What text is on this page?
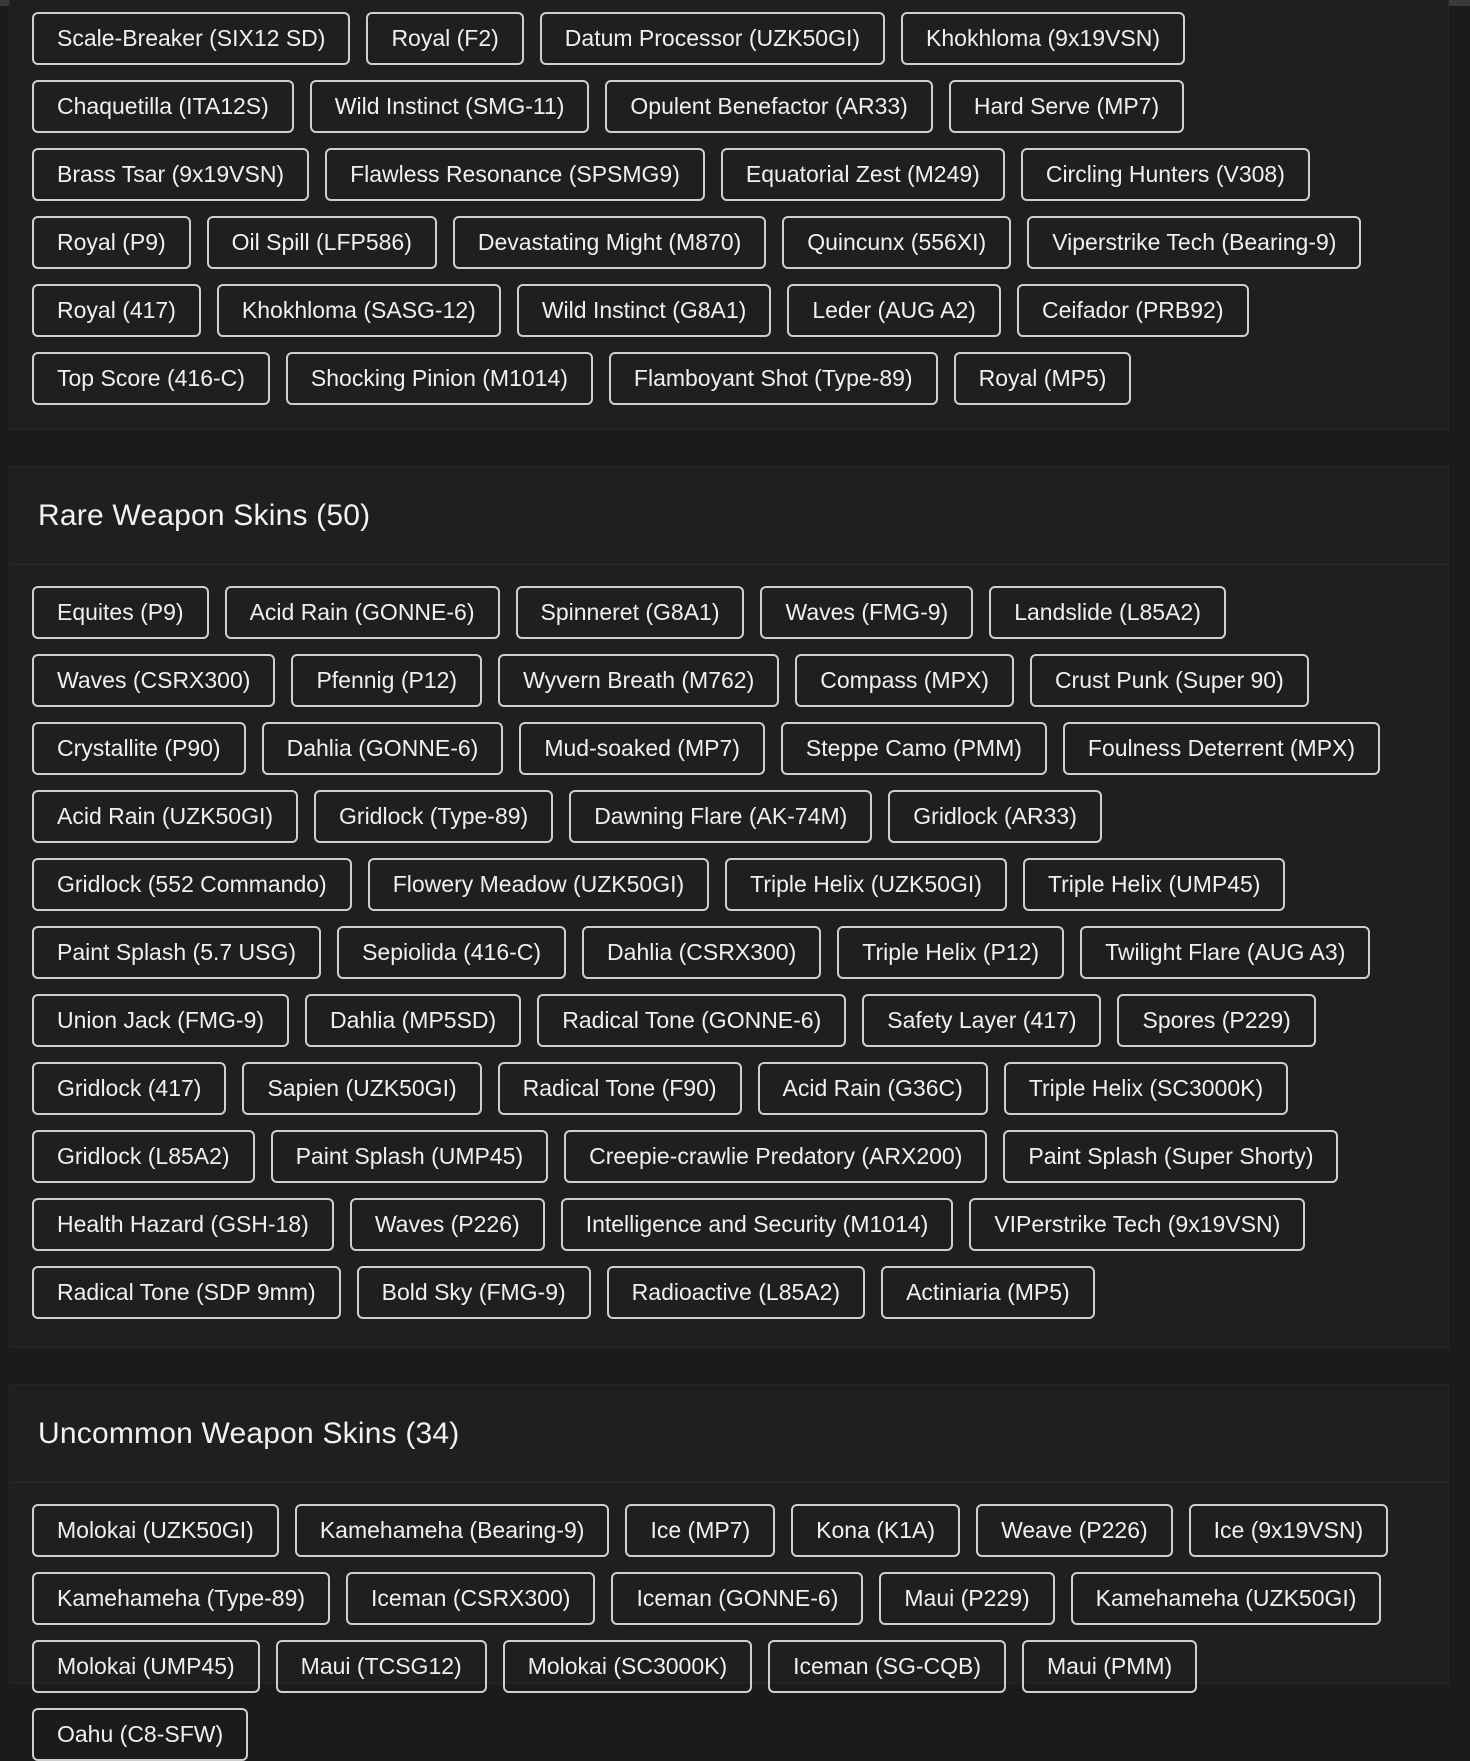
Scale-Breaker (SIX12 SD)	Royal (F2)	Datum Processor (UZK50GI)	Khokhloma (9x19VSN)
Chaquetilla (ITA12S)	Wild Instinct (SMG-11)	Opulent Benefactor (AR33)	Hard Serve (MP7)
Brass Tsar (9x19VSN)	Flawless Resonance (SPSMG9)	Equatorial Zest (M249)	Circling Hunters (V308)
Royal (P9)	Oil Spill (LFP586)	Devastating Might (M870)	Quincunx (556XI)	Viperstrike Tech (Bearing-9)
Royal (417)	Khokhloma (SASG-12)	Wild Instinct (G8A1)	Leder (AUG A2)	Ceifador (PRB92)
Top Score (416-C)	Shocking Pinion (M1014)	Flamboyant Shot (Type-89)	Royal (MP5)
Rare Weapon Skins (50)
Equites (P9)	Acid Rain (GONNE-6)	Spinneret (G8A1)	Waves (FMG-9)	Landslide (L85A2)
Waves (CSRX300)	Pfennig (P12)	Wyvern Breath (M762)	Compass (MPX)	Crust Punk (Super 90)
Crystallite (P90)	Dahlia (GONNE-6)	Mud-soaked (MP7)	Steppe Camo (PMM)	Foulness Deterrent (MPX)
Acid Rain (UZK50GI)	Gridlock (Type-89)	Dawning Flare (AK-74M)	Gridlock (AR33)
Gridlock (552 Commando)	Flowery Meadow (UZK50GI)	Triple Helix (UZK50GI)	Triple Helix (UMP45)
Paint Splash (5.7 USG)	Sepiolida (416-C)	Dahlia (CSRX300)	Triple Helix (P12)	Twilight Flare (AUG A3)
Union Jack (FMG-9)	Dahlia (MP5SD)	Radical Tone (GONNE-6)	Safety Layer (417)	Spores (P229)
Gridlock (417)	Sapien (UZK50GI)	Radical Tone (F90)	Acid Rain (G36C)	Triple Helix (SC3000K)
Gridlock (L85A2)	Paint Splash (UMP45)	Creepie-crawlie Predatory (ARX200)	Paint Splash (Super Shorty)
Health Hazard (GSH-18)	Waves (P226)	Intelligence and Security (M1014)	VIPerstrike Tech (9x19VSN)
Radical Tone (SDP 9mm)	Bold Sky (FMG-9)	Radioactive (L85A2)	Actiniaria (MP5)
Uncommon Weapon Skins (34)
Molokai (UZK50GI)	Kamehameha (Bearing-9)	Ice (MP7)	Kona (K1A)	Weave (P226)	Ice (9x19VSN)
Kamehameha (Type-89)	Iceman (CSRX300)	Iceman (GONNE-6)	Maui (P229)	Kamehameha (UZK50GI)
Molokai (UMP45)	Maui (TCSG12)	Molokai (SC3000K)	Iceman (SG-CQB)	Maui (PMM)
Oahu (C8-SFW)
